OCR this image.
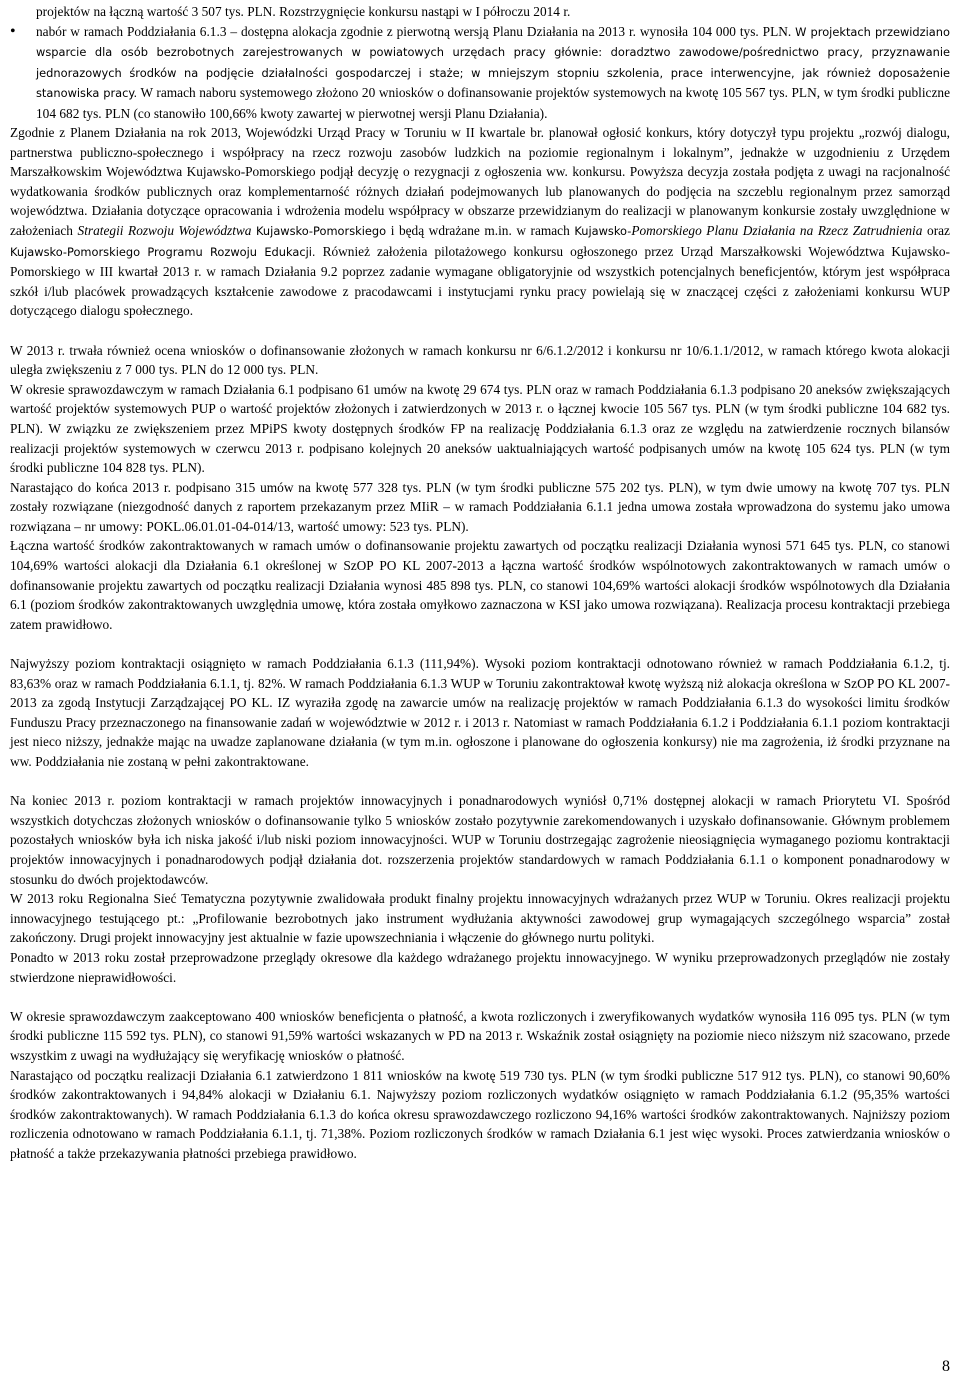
projektów na łączną wartość 3 507 tys. PLN. Rozstrzygnięcie konkursu nastąpi w I półroczu 2014 r.
• nabór w ramach Poddziałania 6.1.3 – dostępna alokacja zgodnie z pierwotną wersją Planu Działania na 2013 r. wynosiła 104 000 tys. PLN. W projektach przewidziano wsparcie dla osób bezrobotnych zarejestrowanych w powiatowych urzędach pracy głównie: doradztwo zawodowe/pośrednictwo pracy, przyznawanie jednorazowych środków na podjęcie działalności gospodarczej i staże; w mniejszym stopniu szkolenia, prace interwencyjne, jak również doposażenie stanowiska pracy. W ramach naboru systemowego złożono 20 wniosków o dofinansowanie projektów systemowych na kwotę 105 567 tys. PLN, w tym środki publiczne 104 682 tys. PLN (co stanowiło 100,66% kwoty zawartej w pierwotnej wersji Planu Działania).

Zgodnie z Planem Działania na rok 2013, Wojewódzki Urząd Pracy w Toruniu w II kwartale br. planował ogłosić konkurs, który dotyczył typu projektu „rozwój dialogu, partnerstwa publiczno-społecznego i współpracy na rzecz rozwoju zasobów ludzkich na poziomie regionalnym i lokalnym”, jednakże w uzgodnieniu z Urzędem Marszałkowskim Województwa Kujawsko-Pomorskiego podjął decyzję o rezygnacji z ogłoszenia ww. konkursu. Powyższa decyzja została podjęta z uwagi na racjonalność wydatkowania środków publicznych oraz komplementarność różnych działań podejmowanych lub planowanych do podjęcia na szczeblu regionalnym przez samorząd województwa. Działania dotyczące opracowania i wdrożenia modelu współpracy w obszarze przewidzianym do realizacji w planowanym konkursie zostały uwzględnione w założeniach Strategii Rozwoju Województwa Kujawsko-Pomorskiego i będą wdrażane m.in. w ramach Kujawsko-Pomorskiego Planu Działania na Rzecz Zatrudnienia oraz Kujawsko-Pomorskiego Programu Rozwoju Edukacji. Również założenia pilotażowego konkursu ogłoszonego przez Urząd Marszałkowski Województwa Kujawsko-Pomorskiego w III kwartał 2013 r. w ramach Działania 9.2 poprzez zadanie wymagane obligatoryjnie od wszystkich potencjalnych beneficjentów, którym jest współpraca szkół i/lub placówek prowadzących kształcenie zawodowe z pracodawcami i instytucjami rynku pracy powielają się w znaczącej części z założeniami konkursu WUP dotyczącego dialogu społecznego.

W 2013 r. trwała również ocena wniosków o dofinansowanie złożonych w ramach konkursu nr 6/6.1.2/2012 i konkursu nr 10/6.1.1/2012, w ramach którego kwota alokacji uległa zwiększeniu z 7 000 tys. PLN do 12 000 tys. PLN.

W okresie sprawozdawczym w ramach Działania 6.1 podpisano 61 umów na kwotę 29 674 tys. PLN oraz w ramach Poddziałania 6.1.3 podpisano 20 aneksów zwiększających wartość projektów systemowych PUP o wartość projektów złożonych i zatwierdzonych w 2013 r. o łącznej kwocie 105 567 tys. PLN (w tym środki publiczne 104 682 tys. PLN). W związku ze zwiększeniem przez MPiPS kwoty dostępnych środków FP na realizację Poddziałania 6.1.3 oraz ze względu na zatwierdzenie rocznych bilansów realizacji projektów systemowych w czerwcu 2013 r. podpisano kolejnych 20 aneksów uaktualniających wartość podpisanych umów na kwotę 105 624 tys. PLN (w tym środki publiczne 104 828 tys. PLN).

Narastająco do końca 2013 r. podpisano 315 umów na kwotę 577 328 tys. PLN (w tym środki publiczne 575 202 tys. PLN), w tym dwie umowy na kwotę 707 tys. PLN zostały rozwiązane (niezgodność danych z raportem przekazanym przez MIiR – w ramach Poddziałania 6.1.1 jedna umowa została wprowadzona do systemu jako umowa rozwiązana – nr umowy: POKL.06.01.01-04-014/13, wartość umowy: 523 tys. PLN).

Łączna wartość środków zakontraktowanych w ramach umów o dofinansowanie projektu zawartych od początku realizacji Działania wynosi 571 645 tys. PLN, co stanowi 104,69% wartości alokacji dla Działania 6.1 określonej w SzOP PO KL 2007-2013 a łączna wartość środków wspólnotowych zakontraktowanych w ramach umów o dofinansowanie projektu zawartych od początku realizacji Działania wynosi 485 898 tys. PLN, co stanowi 104,69% wartości alokacji środków wspólnotowych dla Działania 6.1 (poziom środków zakontraktowanych uwzględnia umowę, która została omyłkowo zaznaczona w KSI jako umowa rozwiązana). Realizacja procesu kontraktacji przebiega zatem prawidłowo.

Najwyższy poziom kontraktacji osiągnięto w ramach Poddziałania 6.1.3 (111,94%). Wysoki poziom kontraktacji odnotowano również w ramach Poddziałania 6.1.2, tj. 83,63% oraz w ramach Poddziałania 6.1.1, tj. 82%. W ramach Poddziałania 6.1.3 WUP w Toruniu zakontraktował kwotę wyższą niż alokacja określona w SzOP PO KL 2007-2013 za zgodą Instytucji Zarządzającej PO KL. IZ wyraziła zgodę na zawarcie umów na realizację projektów w ramach Poddziałania 6.1.3 do wysokości limitu środków Funduszu Pracy przeznaczonego na finansowanie zadań w województwie w 2012 r. i 2013 r. Natomiast w ramach Poddziałania 6.1.2 i Poddziałania 6.1.1 poziom kontraktacji jest nieco niższy, jednakże mając na uwadze zaplanowane działania (w tym m.in. ogłoszone i planowane do ogłoszenia konkursy) nie ma zagrożenia, iż środki przyznane na ww. Poddziałania nie zostaną w pełni zakontraktowane.

Na koniec 2013 r. poziom kontraktacji w ramach projektów innowacyjnych i ponadnarodowych wyniósł 0,71% dostępnej alokacji w ramach Priorytetu VI. Spośród wszystkich dotychczas złożonych wniosków o dofinansowanie tylko 5 wniosków zostało pozytywnie zarekomendowanych i uzyskało dofinansowanie. Głównym problemem pozostałych wniosków była ich niska jakość i/lub niski poziom innowacyjności. WUP w Toruniu dostrzegając zagrożenie nieosiągnięcia wymaganego poziomu kontraktacji projektów innowacyjnych i ponadnarodowych podjął działania dot. rozszerzenia projektów standardowych w ramach Poddziałania 6.1.1 o komponent ponadnarodowy w stosunku do dwóch projektodawców.

W 2013 roku Regionalna Sieć Tematyczna pozytywnie zwalidowała produkt finalny projektu innowacyjnych wdrażanych przez WUP w Toruniu. Okres realizacji projektu innowacyjnego testującego pt.: „Profilowanie bezrobotnych jako instrument wydłużania aktywności zawodowej grup wymagających szczególnego wsparcia” został zakończony. Drugi projekt innowacyjny jest aktualnie w fazie upowszechniania i włączenie do głównego nurtu polityki.

Ponadto w 2013 roku został przeprowadzone przeglądy okresowe dla każdego wdrażanego projektu innowacyjnego. W wyniku przeprowadzonych przeglądów nie zostały stwierdzone nieprawidłowości.

W okresie sprawozdawczym zaakceptowano 400 wniosków beneficjenta o płatność, a kwota rozliczonych i zweryfikowanych wydatków wynosiła 116 095 tys. PLN (w tym środki publiczne 115 592 tys. PLN), co stanowi 91,59% wartości wskazanych w PD na 2013 r. Wskaźnik został osiągnięty na poziomie nieco niższym niż szacowano, przede wszystkim z uwagi na wydłużający się weryfikację wniosków o płatność.

Narastająco od początku realizacji Działania 6.1 zatwierdzono 1 811 wniosków na kwotę 519 730 tys. PLN (w tym środki publiczne 517 912 tys. PLN), co stanowi 90,60% środków zakontraktowanych i 94,84% alokacji w Działaniu 6.1. Najwyższy poziom rozliczonych wydatków osiągnięto w ramach Poddziałania 6.1.2 (95,35% wartości środków zakontraktowanych). W ramach Poddziałania 6.1.3 do końca okresu sprawozdawczego rozliczono 94,16% wartości środków zakontraktowanych. Najniższy poziom rozliczenia odnotowano w ramach Poddziałania 6.1.1, tj. 71,38%. Poziom rozliczonych środków w ramach Działania 6.1 jest więc wysoki. Proces zatwierdzania wniosków o płatność a także przekazywania płatności przebiega prawidłowo.

8
